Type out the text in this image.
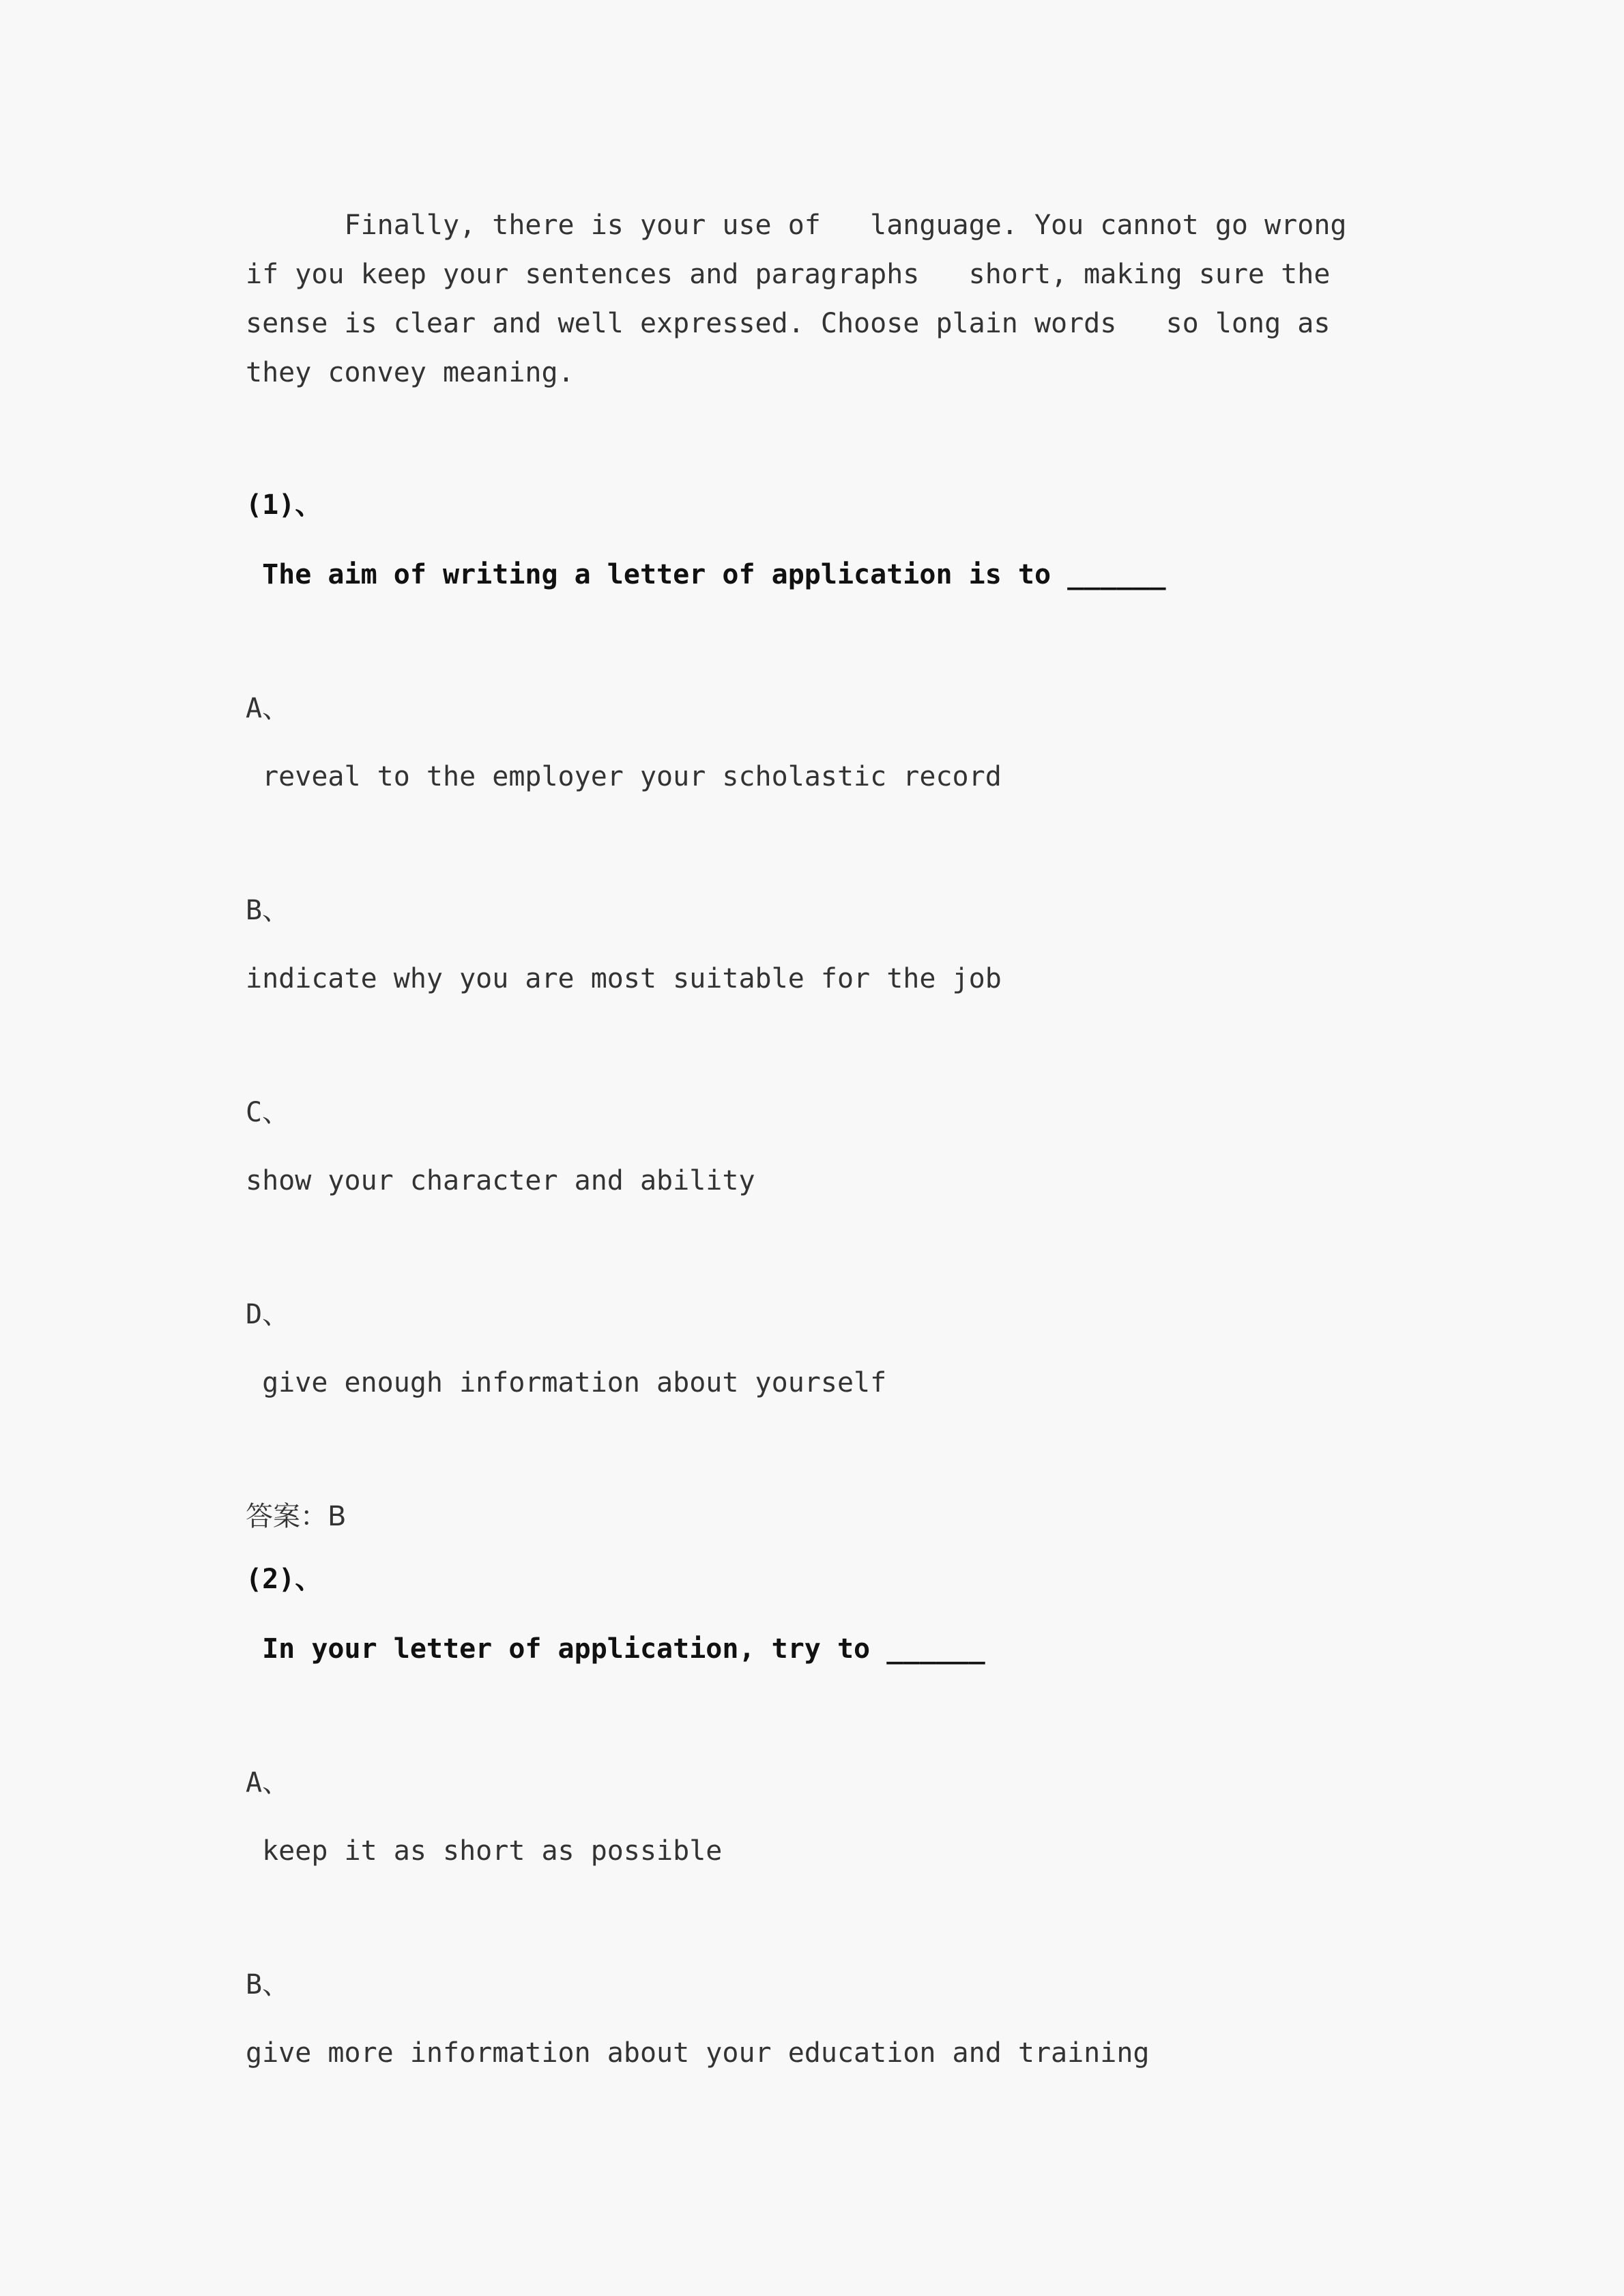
Finally, there is your use of   language. You cannot go wrong
if you keep your sentences and paragraphs   short, making sure the
sense is clear and well expressed. Choose plain words   so long as
they convey meaning.
(1)、
The aim of writing a letter of application is to ______
A、
reveal to the employer your scholastic record
B、
indicate why you are most suitable for the job
C、
show your character and ability
D、
give enough information about yourself
答案：B
(2)、
In your letter of application, try to ______
A、
keep it as short as possible
B、
give more information about your education and training
